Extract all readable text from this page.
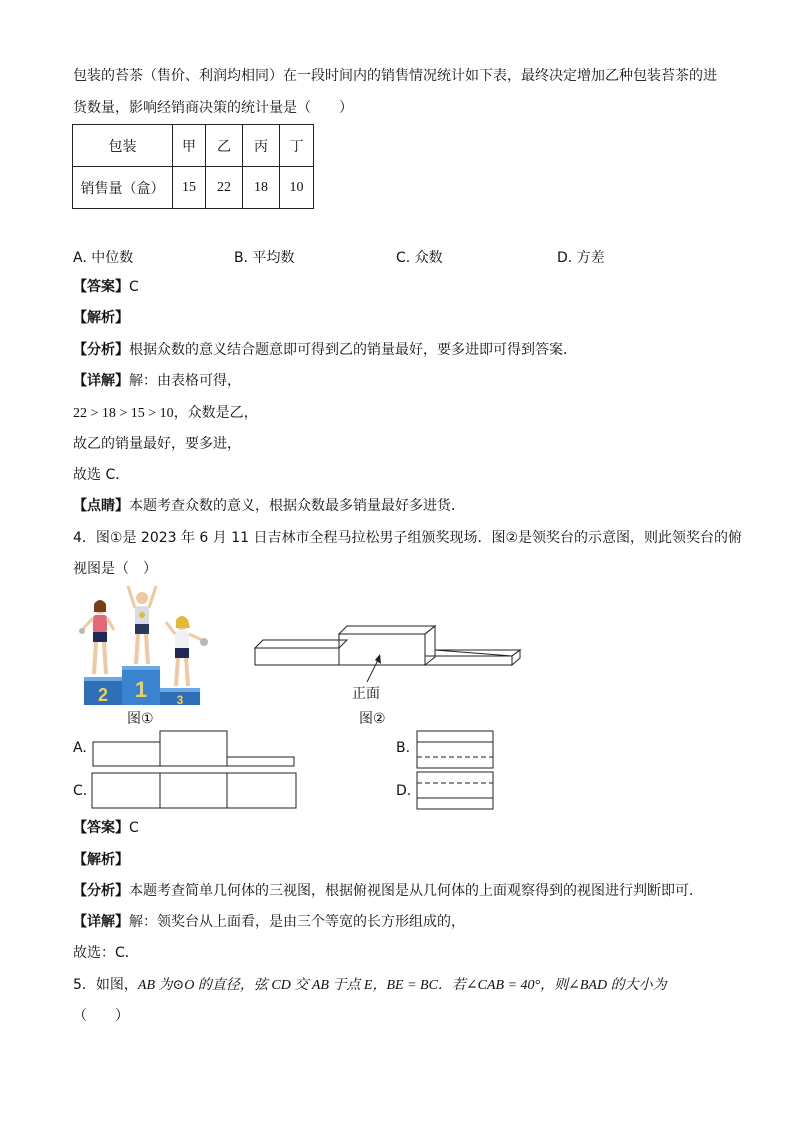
包装的苔茶（售价、利润均相同）在一段时间内的销售情况统计如下表，最终决定增加乙种包装苔茶的进
货数量，影响经销商决策的统计量是（　　）
包装	甲	乙	丙	丁
销售量（盒）	15	22	18	10
A. 中位数	B. 平均数	C. 众数	D. 方差
【答案】C
【解析】
【分析】根据众数的意义结合题意即可得到乙的销量最好，要多进即可得到答案．
【详解】解：由表格可得，
22 > 18 > 15 > 10，众数是乙，
故乙的销量最好，要多进，
故选 C．
【点睛】本题考查众数的意义，根据众数最多销量最好多进货．
4．图①是 2023 年 6 月 11 日吉林市全程马拉松男子组颁奖现场．图②是领奖台的示意图，则此领奖台的俯
视图是（　）
2 1 3
图①
正面
图②
A.	B.
C.	D.
【答案】C
【解析】
【分析】本题考查简单几何体的三视图，根据俯视图是从几何体的上面观察得到的视图进行判断即可．
【详解】解：领奖台从上面看，是由三个等宽的长方形组成的，
故选：C．
5．如图，AB 为⊙O 的直径，弦 CD 交 AB 于点 E，BE = BC．若∠CAB = 40°，则∠BAD 的大小为
（　　）
